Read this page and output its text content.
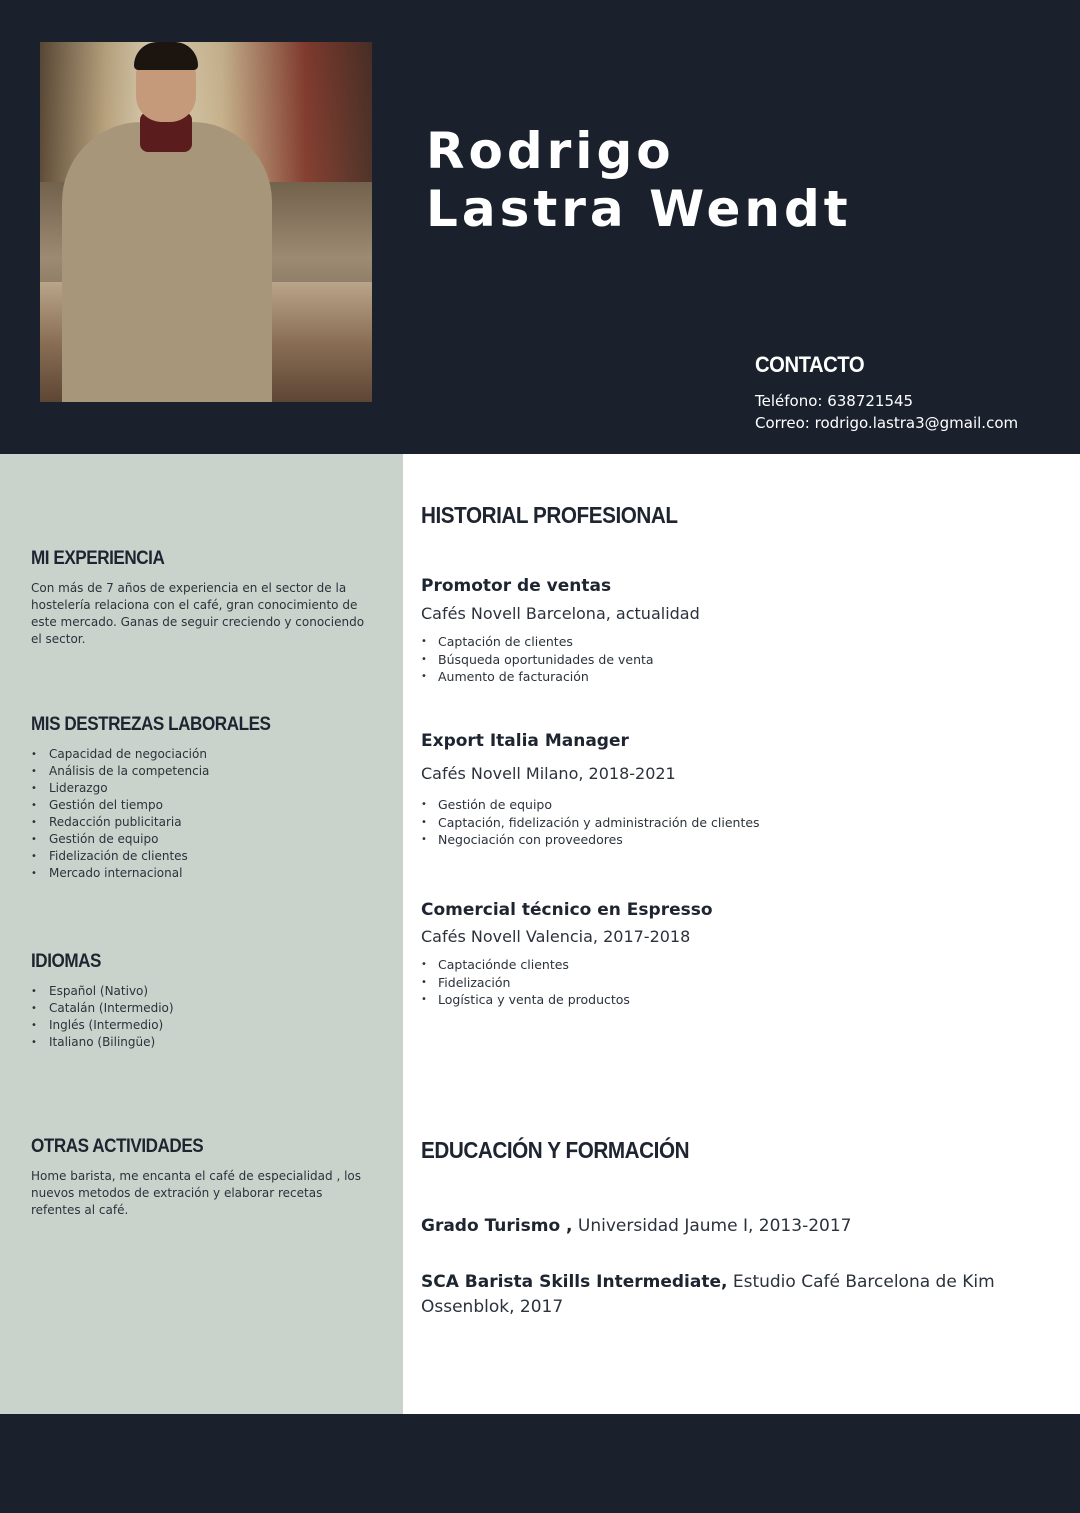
Rodrigo
Lastra Wendt
CONTACTO

Teléfono: 638721545

Correo: rodrigo.lastra3@gmail.com

MI EXPERIENCIA

Con más de 7 años de experiencia en el sector de la hostelería relaciona con el café, gran conocimiento de este mercado. Ganas de seguir creciendo y conociendo el sector.

MIS DESTREZAS LABORALES
• Capacidad de negociación
• Análisis de la competencia
• Liderazgo
• Gestión del tiempo
• Redacción publicitaria
• Gestión de equipo
• Fidelización de clientes
• Mercado internacional
IDIOMAS
• Español (Nativo)
• Catalán (Intermedio)
• Inglés (Intermedio)
• Italiano (Bilingüe)
OTRAS ACTIVIDADES

Home barista, me encanta el café de especialidad , los nuevos metodos de extración y elaborar recetas refentes al café.

HISTORIAL PROFESIONAL
Promotor de ventas
Cafés Novell Barcelona, actualidad
• Captación de clientes
• Búsqueda oportunidades de venta
• Aumento de facturación
Export Italia Manager
Cafés Novell Milano, 2018-2021
• Gestión de equipo
• Captación, fidelización y administración de clientes
• Negociación con proveedores
Comercial técnico en Espresso
Cafés Novell Valencia, 2017-2018
• Captaciónde clientes
• Fidelización
• Logística y venta de productos
EDUCACIÓN Y FORMACIÓN
Grado Turismo , Universidad Jaume I, 2013-2017
SCA Barista Skills Intermediate, Estudio Café Barcelona de Kim Ossenblok, 2017
